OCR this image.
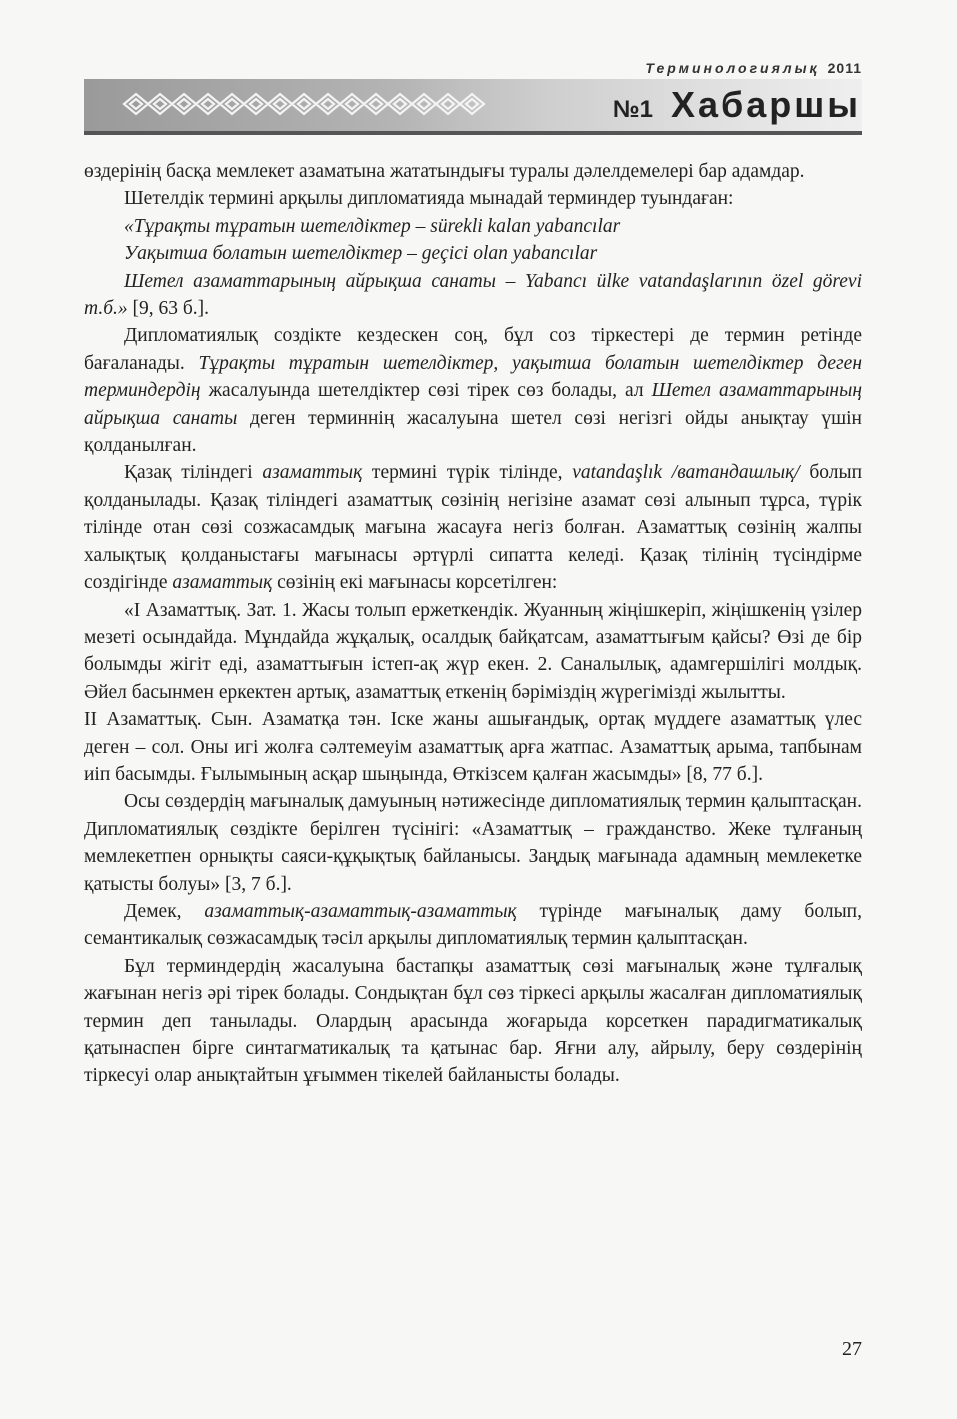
Терминологиялық 2011
№1 Хабаршы

өздерінің басқа мемлекет азаматына жататындығы туралы дәлелдемелері бар адамдар.

Шетелдік термині арқылы дипломатияда мынадай терминдер туындаған:

«Тұрақты тұратын шетелдіктер – sürekli kalan yabancılar

Уақытша болатын шетелдіктер – geçici olan yabancılar

Шетел азаматтарының айрықша санаты – Yabancı ülke vatandaşlarının özel görevi т.б.» [9, 63 б.].

Дипломатиялық создікте кездескен соң, бұл соз тіркестері де термин ретінде бағаланады. Тұрақты тұратын шетелдіктер, уақытша болатын шетелдіктер деген терминдердің жасалуында шетелдіктер сөзі тірек сөз болады, ал Шетел азаматтарының айрықша санаты деген терминнің жасалуына шетел сөзі негізгі ойды анықтау үшін қолданылған.

Қазақ тіліндегі азаматтық термині түрік тілінде, vatandaşlık /ватандашлық/ болып қолданылады. Қазақ тіліндегі азаматтық сөзінің негізіне азамат сөзі алынып тұрса, түрік тілінде отан сөзі созжасамдық мағына жасауға негіз болған. Азаматтық сөзінің жалпы халықтық қолданыстағы мағынасы әртүрлі сипатта келеді. Қазақ тілінің түсіндірме создігінде азаматтық сөзінің екі мағынасы корсетілген:

«I Азаматтық. Зат. 1. Жасы толып ержеткендік. Жуанның жіңішкеріп, жіңішкенің үзілер мезеті осындайда. Мұндайда жұқалық, осалдық байқатсам, азаматтығым қайсы? Өзі де бір болымды жігіт еді, азаматтығын істеп-ақ жүр екен. 2. Саналылық, адамгершілігі молдық. Әйел басынмен еркектен артық, азаматтық еткенің бәріміздің жүрегімізді жылытты.

II Азаматтық. Сын. Азаматқа тән. Іске жаны ашығандық, ортақ мүддеге азаматтық үлес деген – сол. Оны игі жолға сәлтемеуім азаматтық арға жатпас. Азаматтық арыма, тапбынам иіп басымды. Ғылымының асқар шыңында, Өткізсем қалған жасымды» [8, 77 б.].

Осы сөздердің мағыналық дамуының нәтижесінде дипломатиялық термин қалыптасқан. Дипломатиялық сөздікте берілген түсінігі: «Азаматтық – гражданство. Жеке тұлғаның мемлекетпен орнықты саяси-құқықтық байланысы. Заңдық мағынада адамның мемлекетке қатысты болуы» [3, 7 б.].

Демек, азаматтық-азаматтық-азаматтық түрінде мағыналық даму болып, семантикалық сөзжасамдық тәсіл арқылы дипломатиялық термин қалыптасқан.

Бұл терминдердің жасалуына бастапқы азаматтық сөзі мағыналық және тұлғалық жағынан негіз әрі тірек болады. Сондықтан бұл сөз тіркесі арқылы жасалған дипломатиялық термин деп танылады. Олардың арасында жоғарыда корсеткен парадигматикалық қатынаспен бірге синтагматикалық та қатынас бар. Яғни алу, айрылу, беру сөздерінің тіркесуі олар анықтайтын ұғыммен тікелей байланысты болады.

27
